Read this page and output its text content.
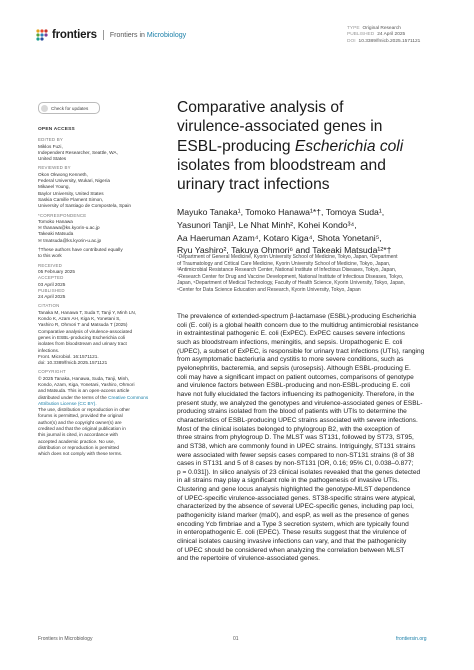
frontiers Frontiers in Microbiology
TYPE Original Research
PUBLISHED 24 April 2025
DOI 10.3389/fmicb.2025.1571121
Check for updates
OPEN ACCESS
EDITED BY
Miklos Fuzi,
Independent Researcher, Seattle, WA,
United States
REVIEWED BY
Okon Okwong Kenneth,
Federal University, Wukari, Nigeria
Mikaeel Young,
Baylor University, United States
Saskia Camille Flament Simon,
University of Santiago de Compostela, Spain
*CORRESPONDENCE
Tomoko Hanawa
✉ thanawa@ks.kyorin-u.ac.jp
Takeaki Matsuda
✉ tmatsuda@ks.kyorin-u.ac.jp
†These authors have contributed equally
to this work
RECEIVED
05 February 2025
ACCEPTED
03 April 2025
PUBLISHED
24 April 2025
CITATION
Tanaka M, Hanawa T, Suda T, Tanji Y, Minh LN,
Kondo K, Azam AH, Kiga K, Yonetani S,
Yashiro R, Ohmori T and Matsuda T (2025)
Comparative analysis of virulence-associated
genes in ESBL-producing Escherichia coli
isolates from bloodstream and urinary tract
infections.
Front. Microbiol. 16:1571121.
doi: 10.3389/fmicb.2025.1571121
COPYRIGHT
© 2025 Tanaka, Hanawa, Suda, Tanji, Minh,
Kondo, Azam, Kiga, Yonetani, Yashiro, Ohmori
and Matsuda. This is an open-access article
distributed under the terms of the Creative Commons Attribution License (CC BY).
The use, distribution or reproduction in other
forums is permitted, provided the original
author(s) and the copyright owner(s) are
credited and that the original publication in
this journal is cited, in accordance with
accepted academic practice. No use,
distribution or reproduction is permitted
which does not comply with these terms.
Comparative analysis of
virulence-associated genes in
ESBL-producing Escherichia coli
isolates from bloodstream and
urinary tract infections
Mayuko Tanaka¹, Tomoko Hanawa¹*†, Tomoya Suda¹,
Yasunori Tanji¹, Le Nhat Minh², Kohei Kondo³⁴,
Aa Haeruman Azam⁴, Kotaro Kiga⁴, Shota Yonetani⁵,
Ryu Yashiro², Takuya Ohmori⁶ and Takeaki Matsuda¹²*†
¹Department of General Medicine, Kyorin University School of Medicine, Tokyo, Japan, ²Department
of Traumatology and Critical Care Medicine, Kyorin University School of Medicine, Tokyo, Japan,
³Antimicrobial Resistance Research Center, National Institute of Infectious Diseases, Tokyo, Japan,
⁴Research Center for Drug and Vaccine Development, National Institute of Infectious Diseases, Tokyo,
Japan, ⁵Department of Medical Technology, Faculty of Health Science, Kyorin University, Tokyo, Japan,
⁶Center for Data Science Education and Research, Kyorin University, Tokyo, Japan
The prevalence of extended-spectrum β-lactamase (ESBL)-producing Escherichia
coli (E. coli) is a global health concern due to the multidrug antimicrobial resistance
in extraintestinal pathogenic E. coli (ExPEC). ExPEC causes severe infections
such as bloodstream infections, meningitis, and sepsis. Uropathogenic E. coli
(UPEC), a subset of ExPEC, is responsible for urinary tract infections (UTIs), ranging
from asymptomatic bacteriuria and cystitis to more severe conditions, such as
pyelonephritis, bacteremia, and sepsis (urosepsis). Although ESBL-producing E.
coli may have a significant impact on patient outcomes, comparisons of genotype
and virulence factors between ESBL-producing and non-ESBL-producing E. coli
have not fully elucidated the factors influencing its pathogenicity. Therefore, in the
present study, we analyzed the genotypes and virulence-associated genes of ESBL-
producing strains isolated from the blood of patients with UTIs to determine the
characteristics of ESBL-producing UPEC strains associated with severe infections.
Most of the clinical isolates belonged to phylogroup B2, with the exception of
three strains from phylogroup D. The MLST was ST131, followed by ST73, ST95,
and ST38, which are commonly found in UPEC strains. Intriguingly, ST131 strains
were associated with fewer sepsis cases compared to non-ST131 strains (8 of 38
cases in ST131 and 5 of 8 cases by non-ST131 [OR, 0.16; 95% CI, 0.038–0.877;
p = 0.031]). In silico analysis of 23 clinical isolates revealed that the genes detected
in all strains may play a significant role in the pathogenesis of invasive UTIs.
Clustering and gene locus analysis highlighted the genotype-MLST dependence
of UPEC-specific virulence-associated genes. ST38-specific strains were atypical,
characterized by the absence of several UPEC-specific genes, including pap loci,
pathogenicity island marker (malX), and espP, as well as the presence of genes
encoding Ycb fimbriae and a Type 3 secretion system, which are typically found
in enteropathogenic E. coli (EPEC). These results suggest that the virulence of
clinical isolates causing invasive infections can vary, and that the pathogenicity
of UPEC should be considered when analyzing the correlation between MLST
and the repertoire of virulence-associated genes.
Frontiers in Microbiology	01	frontiersin.org
